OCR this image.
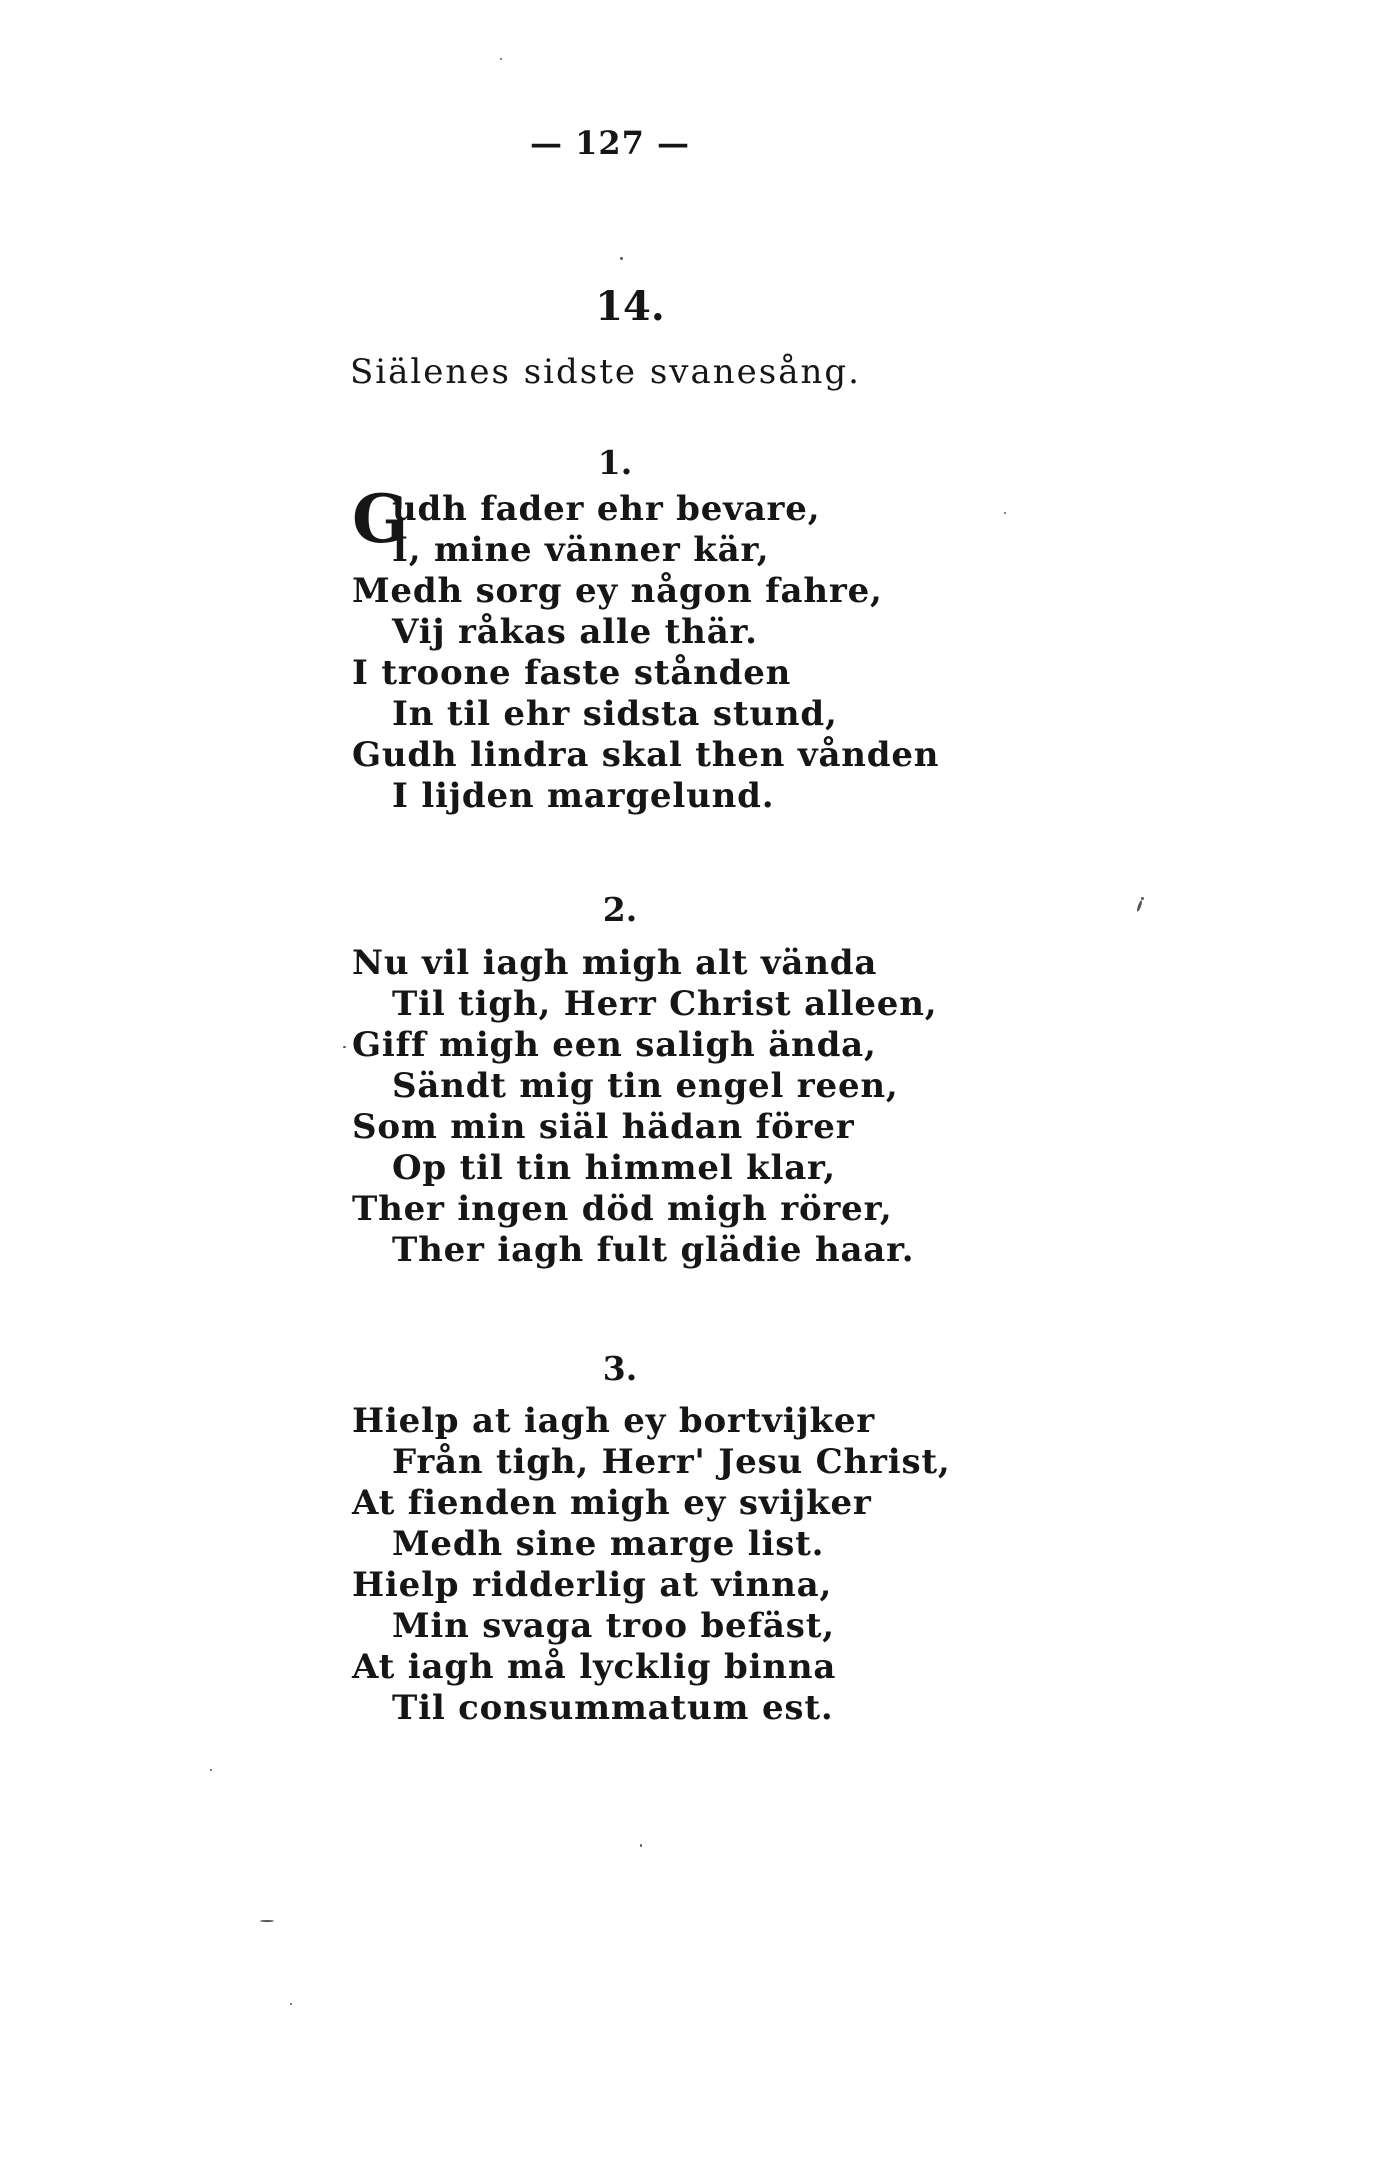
— 127 —
14.
Siälenes sidste svanesång.
1.
G
udh fader ehr bevare,
I, mine vänner kär,
Medh sorg ey någon fahre,
Vij råkas alle thär.
I troone faste stånden
In til ehr sidsta stund,
Gudh lindra skal then vånden
I lijden margelund.
2.
Nu vil iagh migh alt vända
Til tigh, Herr Christ alleen,
Giff migh een saligh ända,
Sändt mig tin engel reen,
Som min siäl hädan förer
Op til tin himmel klar,
Ther ingen död migh rörer,
Ther iagh fult glädie haar.
3.
Hielp at iagh ey bortvijker
Från tigh, Herr' Jesu Christ,
At fienden migh ey svijker
Medh sine marge list.
Hielp ridderlig at vinna,
Min svaga troo befäst,
At iagh må lycklig binna
Til consummatum est.
